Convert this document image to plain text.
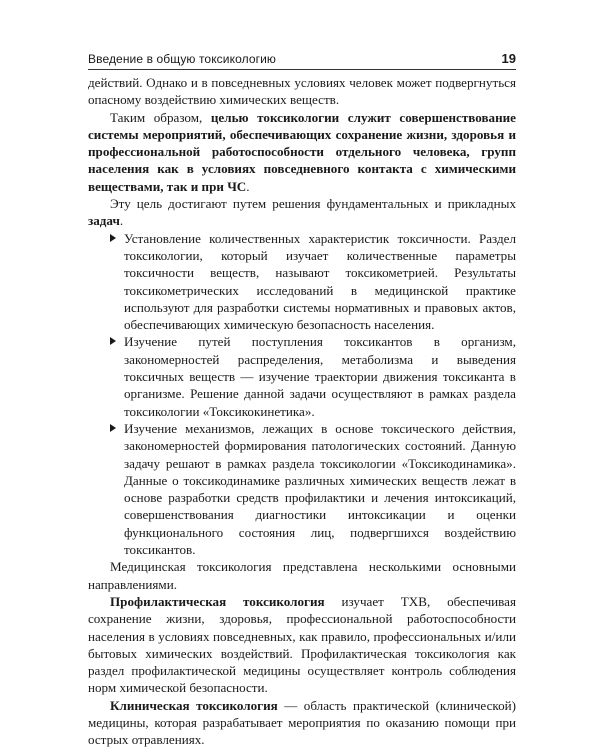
Введение в общую токсикологию	19

действий. Однако и в повседневных условиях человек может подвергнуться опасному воздействию химических веществ.

Таким образом, целью токсикологии служит совершенствование системы мероприятий, обеспечивающих сохранение жизни, здоровья и профессиональной работоспособности отдельного человека, групп населения как в условиях повседневного контакта с химическими веществами, так и при ЧС.

Эту цель достигают путем решения фундаментальных и прикладных задач.

Установление количественных характеристик токсичности. Раздел токсикологии, который изучает количественные параметры токсичности веществ, называют токсикометрией. Результаты токсикометрических исследований в медицинской практике используют для разработки системы нормативных и правовых актов, обеспечивающих химическую безопасность населения.
Изучение путей поступления токсикантов в организм, закономерностей распределения, метаболизма и выведения токсичных веществ — изучение траектории движения токсиканта в организме. Решение данной задачи осуществляют в рамках раздела токсикологии «Токсикокинетика».
Изучение механизмов, лежащих в основе токсического действия, закономерностей формирования патологических состояний. Данную задачу решают в рамках раздела токсикологии «Токсикодинамика». Данные о токсикодинамике различных химических веществ лежат в основе разработки средств профилактики и лечения интоксикаций, совершенствования диагностики интоксикации и оценки функционального состояния лиц, подвергшихся воздействию токсикантов.

Медицинская токсикология представлена несколькими основными направлениями.

Профилактическая токсикология изучает ТХВ, обеспечивая сохранение жизни, здоровья, профессиональной работоспособности населения в условиях повседневных, как правило, профессиональных и/или бытовых химических воздействий. Профилактическая токсикология как раздел профилактической медицины осуществляет контроль соблюдения норм химической безопасности.

Клиническая токсикология — область практической (клинической) медицины, которая разрабатывает мероприятия по оказанию помощи при острых отравлениях.
